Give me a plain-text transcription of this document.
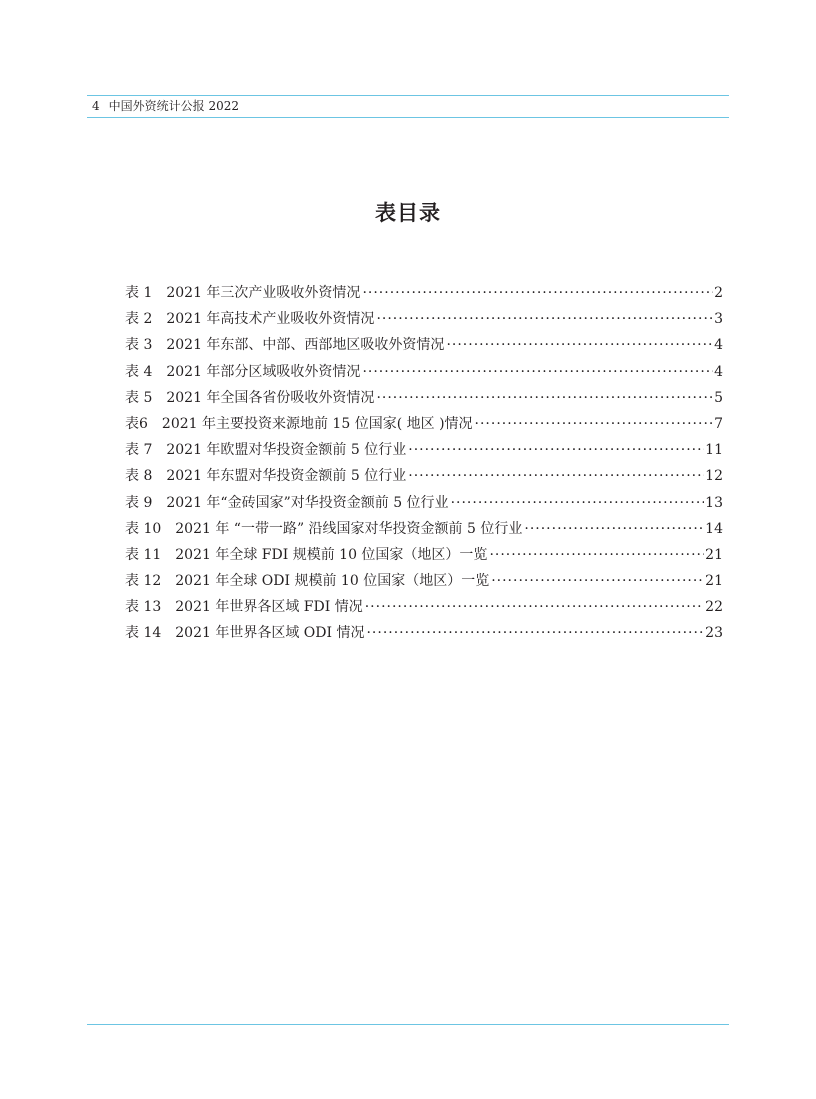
4 中国外资统计公报 2022
表目录
表 1　2021 年三次产业吸收外资情况 ·····	2
表 2　2021 年高技术产业吸收外资情况 ·····	3
表 3　2021 年东部、中部、西部地区吸收外资情况 ·····	4
表 4　2021 年部分区域吸收外资情况 ·····	4
表 5　2021 年全国各省份吸收外资情况 ·····	5
表6　2021 年主要投资来源地前 15 位国家( 地区 )情况 ·····	7
表 7　2021 年欧盟对华投资金额前 5 位行业 ·····	11
表 8　2021 年东盟对华投资金额前 5 位行业 ·····	12
表 9　2021 年“金砖国家”对华投资金额前 5 位行业 ·····	13
表 10　2021 年 “一带一路” 沿线国家对华投资金额前 5 位行业 ·····	14
表 11　2021 年全球 FDI 规模前 10 位国家（地区）一览 ·····	21
表 12　2021 年全球 ODI 规模前 10 位国家（地区）一览 ·····	21
表 13　2021 年世界各区域 FDI 情况 ·····	22
表 14　2021 年世界各区域 ODI 情况 ·····	23
